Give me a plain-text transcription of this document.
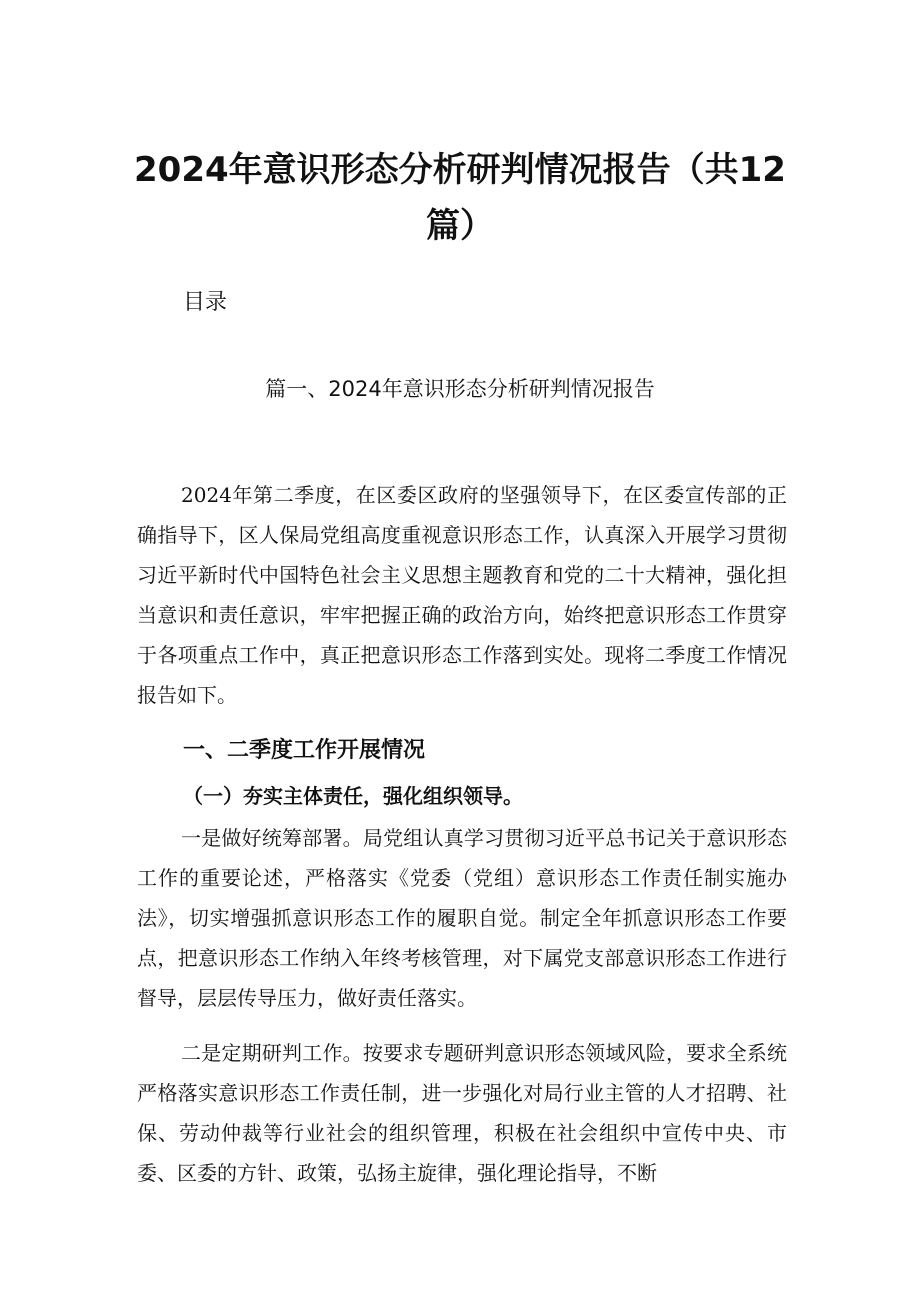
2024年意识形态分析研判情况报告（共12篇）

目录

篇一、2024年意识形态分析研判情况报告

2024年第二季度，在区委区政府的坚强领导下，在区委宣传部的正确指导下，区人保局党组高度重视意识形态工作，认真深入开展学习贯彻习近平新时代中国特色社会主义思想主题教育和党的二十大精神，强化担当意识和责任意识，牢牢把握正确的政治方向，始终把意识形态工作贯穿于各项重点工作中，真正把意识形态工作落到实处。现将二季度工作情况报告如下。

一、二季度工作开展情况
（一）夯实主体责任，强化组织领导。

一是做好统筹部署。局党组认真学习贯彻习近平总书记关于意识形态工作的重要论述，严格落实《党委（党组）意识形态工作责任制实施办法》，切实增强抓意识形态工作的履职自觉。制定全年抓意识形态工作要点，把意识形态工作纳入年终考核管理，对下属党支部意识形态工作进行督导，层层传导压力，做好责任落实。

二是定期研判工作。按要求专题研判意识形态领域风险，要求全系统严格落实意识形态工作责任制，进一步强化对局行业主管的人才招聘、社保、劳动仲裁等行业社会的组织管理，积极在社会组织中宣传中央、市委、区委的方针、政策，弘扬主旋律，强化理论指导，不断
